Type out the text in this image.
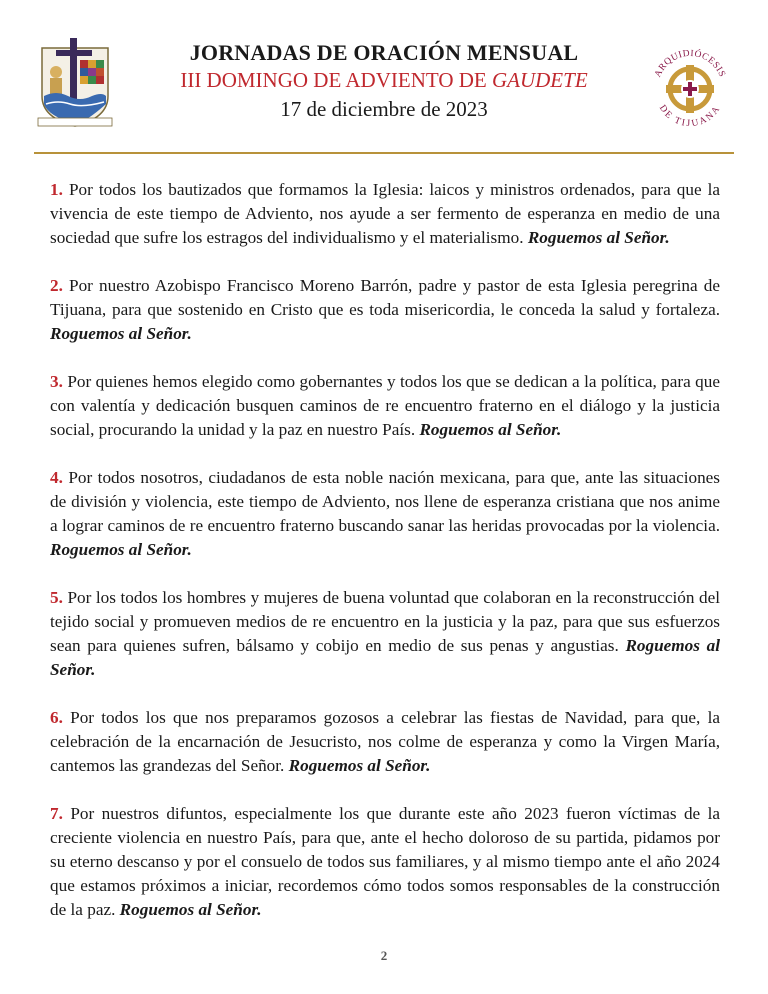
JORNADAS DE ORACIÓN MENSUAL
III DOMINGO DE ADVIENTO DE GAUDETE
17 de diciembre de 2023
ARQUIDIÓCESIS
DE TIJUANA

1. Por todos los bautizados que formamos la Iglesia: laicos y ministros ordenados, para que la vivencia de este tiempo de Adviento, nos ayude a ser fermento de esperanza en medio de una sociedad que sufre los estragos del individualismo y el materialismo. Roguemos al Señor.

2. Por nuestro Azobispo Francisco Moreno Barrón, padre y pastor de esta Iglesia peregrina de Tijuana, para que sostenido en Cristo que es toda misericordia, le conceda la salud y fortaleza. Roguemos al Señor.

3. Por quienes hemos elegido como gobernantes y todos los que se dedican a la política, para que con valentía y dedicación busquen caminos de re encuentro fraterno en el diálogo y la justicia social, procurando la unidad y la paz en nuestro País. Roguemos al Señor.

4. Por todos nosotros, ciudadanos de esta noble nación mexicana, para que, ante las situaciones de división y violencia, este tiempo de Adviento, nos llene de esperanza cristiana que nos anime a lograr caminos de re encuentro fraterno buscando sanar las heridas provocadas por la violencia. Roguemos al Señor.

5. Por los todos los hombres y mujeres de buena voluntad que colaboran en la reconstrucción del tejido social y promueven medios de re encuentro en la justicia y la paz, para que sus esfuerzos sean para quienes sufren, bálsamo y cobijo en medio de sus penas y angustias. Roguemos al Señor.

6. Por todos los que nos preparamos gozosos a celebrar las fiestas de Navidad, para que, la celebración de la encarnación de Jesucristo, nos colme de esperanza y como la Virgen María, cantemos las grandezas del Señor. Roguemos al Señor.

7. Por nuestros difuntos, especialmente los que durante este año 2023 fueron víctimas de la creciente violencia en nuestro País, para que, ante el hecho doloroso de su partida, pidamos por su eterno descanso y por el consuelo de todos sus familiares, y al mismo tiempo ante el año 2024 que estamos próximos a iniciar, recordemos cómo todos somos responsables de la construcción de la paz. Roguemos al Señor.

2
